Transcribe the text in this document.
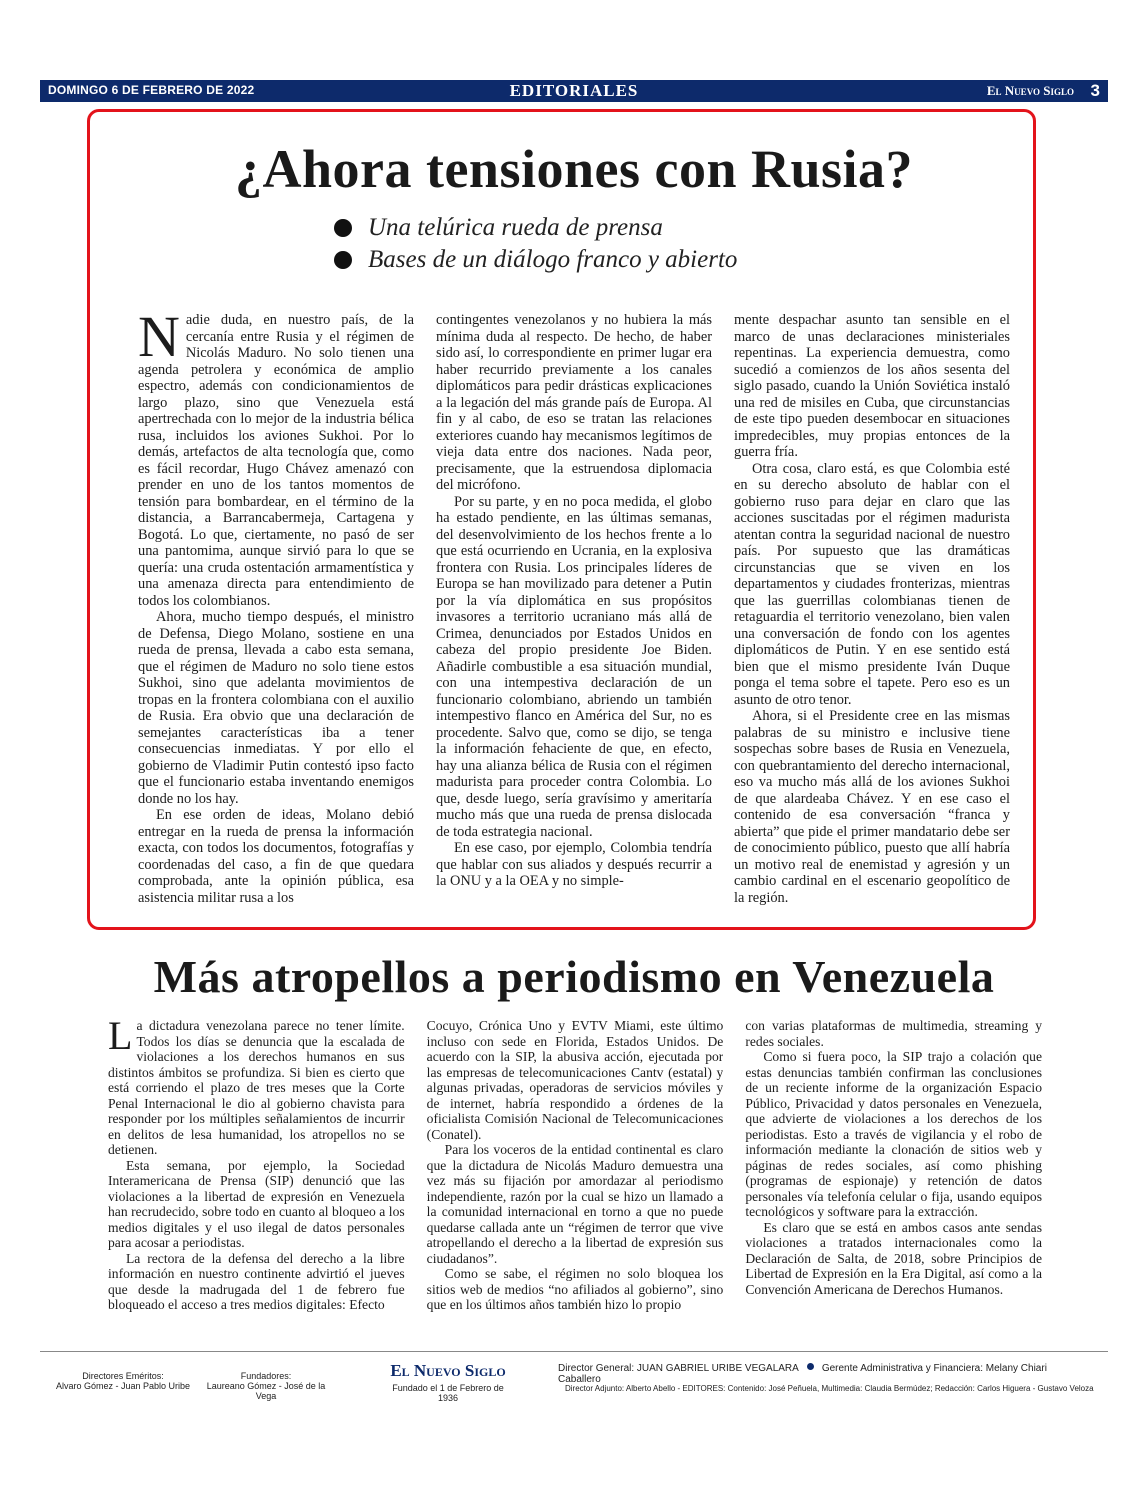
DOMINGO 6 DE FEBRERO DE 2022	EDITORIALES	El Nuevo Siglo 3
¿Ahora tensiones con Rusia?
Una telúrica rueda de prensa
Bases de un diálogo franco y abierto

Nadie duda, en nuestro país, de la cercanía entre Rusia y el régimen de Nicolás Maduro. No solo tienen una agenda petrolera y económica de amplio espectro, además con condicionamientos de largo plazo, sino que Venezuela está apertrechada con lo mejor de la industria bélica rusa, incluidos los aviones Sukhoi. Por lo demás, artefactos de alta tecnología que, como es fácil recordar, Hugo Chávez amenazó con prender en uno de los tantos momentos de tensión para bombardear, en el término de la distancia, a Barrancabermeja, Cartagena y Bogotá. Lo que, ciertamente, no pasó de ser una pantomima, aunque sirvió para lo que se quería: una cruda ostentación armamentística y una amenaza directa para entendimiento de todos los colombianos.

Ahora, mucho tiempo después, el ministro de Defensa, Diego Molano, sostiene en una rueda de prensa, llevada a cabo esta semana, que el régimen de Maduro no solo tiene estos Sukhoi, sino que adelanta movimientos de tropas en la frontera colombiana con el auxilio de Rusia. Era obvio que una declaración de semejantes características iba a tener consecuencias inmediatas. Y por ello el gobierno de Vladimir Putin contestó ipso facto que el funcionario estaba inventando enemigos donde no los hay.

En ese orden de ideas, Molano debió entregar en la rueda de prensa la información exacta, con todos los documentos, fotografías y coordenadas del caso, a fin de que quedara comprobada, ante la opinión pública, esa asistencia militar rusa a los

contingentes venezolanos y no hubiera la más mínima duda al respecto. De hecho, de haber sido así, lo correspondiente en primer lugar era haber recurrido previamente a los canales diplomáticos para pedir drásticas explicaciones a la legación del más grande país de Europa. Al fin y al cabo, de eso se tratan las relaciones exteriores cuando hay mecanismos legítimos de vieja data entre dos naciones. Nada peor, precisamente, que la estruendosa diplomacia del micrófono.

Por su parte, y en no poca medida, el globo ha estado pendiente, en las últimas semanas, del desenvolvimiento de los hechos frente a lo que está ocurriendo en Ucrania, en la explosiva frontera con Rusia. Los principales líderes de Europa se han movilizado para detener a Putin por la vía diplomática en sus propósitos invasores a territorio ucraniano más allá de Crimea, denunciados por Estados Unidos en cabeza del propio presidente Joe Biden. Añadirle combustible a esa situación mundial, con una intempestiva declaración de un funcionario colombiano, abriendo un también intempestivo flanco en América del Sur, no es procedente. Salvo que, como se dijo, se tenga la información fehaciente de que, en efecto, hay una alianza bélica de Rusia con el régimen madurista para proceder contra Colombia. Lo que, desde luego, sería gravísimo y ameritaría mucho más que una rueda de prensa dislocada de toda estrategia nacional.

En ese caso, por ejemplo, Colombia tendría que hablar con sus aliados y después recurrir a la ONU y a la OEA y no simple-

mente despachar asunto tan sensible en el marco de unas declaraciones ministeriales repentinas. La experiencia demuestra, como sucedió a comienzos de los años sesenta del siglo pasado, cuando la Unión Soviética instaló una red de misiles en Cuba, que circunstancias de este tipo pueden desembocar en situaciones impredecibles, muy propias entonces de la guerra fría.

Otra cosa, claro está, es que Colombia esté en su derecho absoluto de hablar con el gobierno ruso para dejar en claro que las acciones suscitadas por el régimen madurista atentan contra la seguridad nacional de nuestro país. Por supuesto que las dramáticas circunstancias que se viven en los departamentos y ciudades fronterizas, mientras que las guerrillas colombianas tienen de retaguardia el territorio venezolano, bien valen una conversación de fondo con los agentes diplomáticos de Putin. Y en ese sentido está bien que el mismo presidente Iván Duque ponga el tema sobre el tapete. Pero eso es un asunto de otro tenor.

Ahora, si el Presidente cree en las mismas palabras de su ministro e inclusive tiene sospechas sobre bases de Rusia en Venezuela, con quebrantamiento del derecho internacional, eso va mucho más allá de los aviones Sukhoi de que alardeaba Chávez. Y en ese caso el contenido de esa conversación “franca y abierta” que pide el primer mandatario debe ser de conocimiento público, puesto que allí habría un motivo real de enemistad y agresión y un cambio cardinal en el escenario geopolítico de la región.

Más atropellos a periodismo en Venezuela

La dictadura venezolana parece no tener límite. Todos los días se denuncia que la escalada de violaciones a los derechos humanos en sus distintos ámbitos se profundiza. Si bien es cierto que está corriendo el plazo de tres meses que la Corte Penal Internacional le dio al gobierno chavista para responder por los múltiples señalamientos de incurrir en delitos de lesa humanidad, los atropellos no se detienen.

Esta semana, por ejemplo, la Sociedad Interamericana de Prensa (SIP) denunció que las violaciones a la libertad de expresión en Venezuela han recrudecido, sobre todo en cuanto al bloqueo a los medios digitales y el uso ilegal de datos personales para acosar a periodistas.

La rectora de la defensa del derecho a la libre información en nuestro continente advirtió el jueves que desde la madrugada del 1 de febrero fue bloqueado el acceso a tres medios digitales: Efecto

Cocuyo, Crónica Uno y EVTV Miami, este último incluso con sede en Florida, Estados Unidos. De acuerdo con la SIP, la abusiva acción, ejecutada por las empresas de telecomunicaciones Cantv (estatal) y algunas privadas, operadoras de servicios móviles y de internet, habría respondido a órdenes de la oficialista Comisión Nacional de Telecomunicaciones (Conatel).

Para los voceros de la entidad continental es claro que la dictadura de Nicolás Maduro demuestra una vez más su fijación por amordazar al periodismo independiente, razón por la cual se hizo un llamado a la comunidad internacional en torno a que no puede quedarse callada ante un “régimen de terror que vive atropellando el derecho a la libertad de expresión sus ciudadanos”.

Como se sabe, el régimen no solo bloquea los sitios web de medios “no afiliados al gobierno”, sino que en los últimos años también hizo lo propio

con varias plataformas de multimedia, streaming y redes sociales.

Como si fuera poco, la SIP trajo a colación que estas denuncias también confirman las conclusiones de un reciente informe de la organización Espacio Público, Privacidad y datos personales en Venezuela, que advierte de violaciones a los derechos de los periodistas. Esto a través de vigilancia y el robo de información mediante la clonación de sitios web y páginas de redes sociales, así como phishing (programas de espionaje) y retención de datos personales vía telefonía celular o fija, usando equipos tecnológicos y software para la extracción.

Es claro que se está en ambos casos ante sendas violaciones a tratados internacionales como la Declaración de Salta, de 2018, sobre Principios de Libertad de Expresión en la Era Digital, así como a la Convención Americana de Derechos Humanos.

Directores Eméritos:
Alvaro Gómez - Juan Pablo Uribe
Fundadores:
Laureano Gómez - José de la Vega
El Nuevo Siglo
Fundado el 1 de Febrero de 1936
Director General: JUAN GABRIEL URIBE VEGALARA Gerente Administrativa y Financiera: Melany Chiari Caballero
Director Adjunto: Alberto Abello - EDITORES: Contenido: José Peñuela, Multimedia: Claudia Bermúdez; Redacción: Carlos Higuera - Gustavo Veloza
